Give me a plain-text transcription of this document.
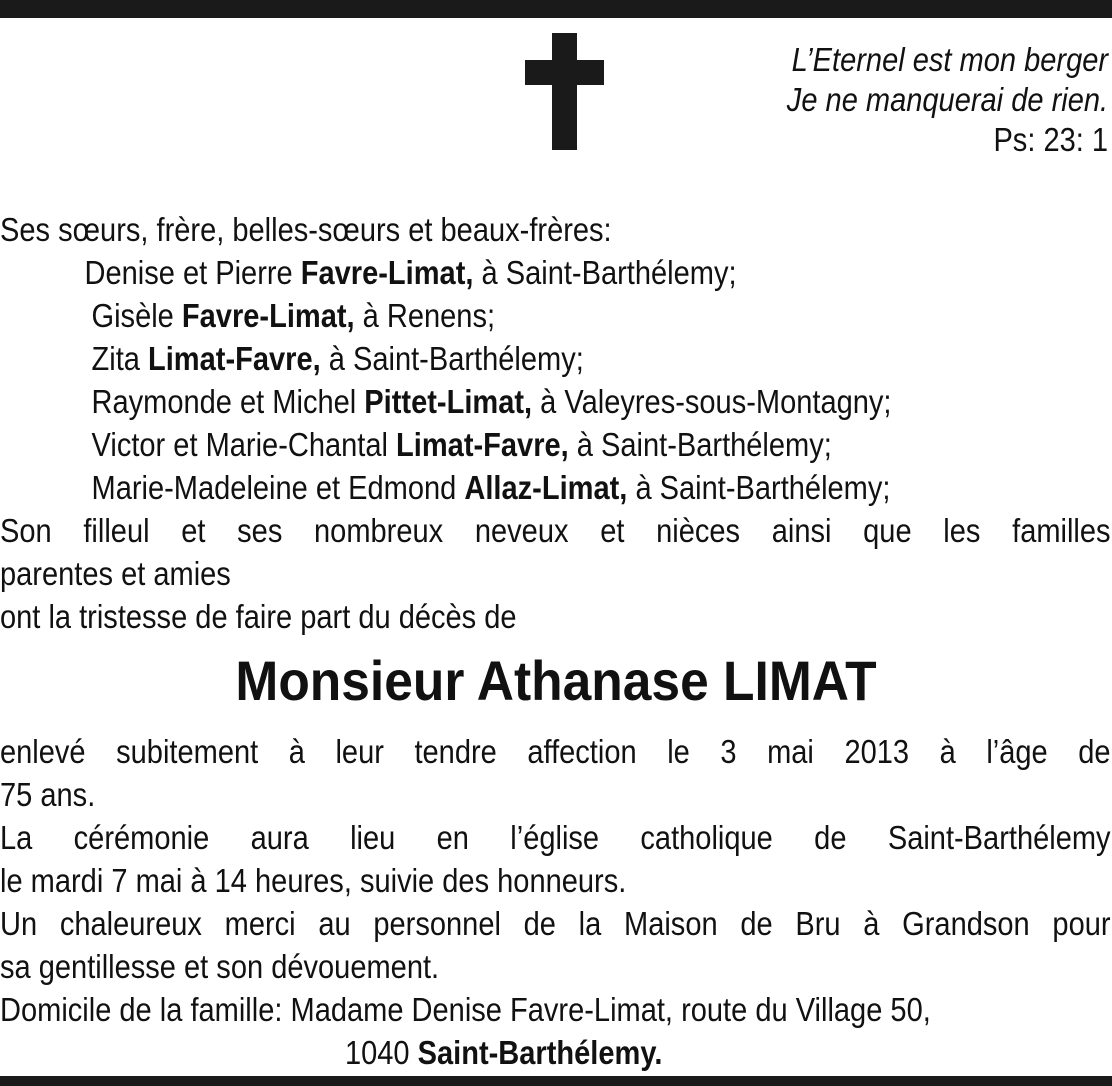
L’Eternel est mon berger
Je ne manquerai de rien.
Ps: 23: 1
Ses sœurs, frère, belles-sœurs et beaux-frères:
Denise et Pierre Favre-Limat, à Saint-Barthélemy;
Gisèle Favre-Limat, à Renens;
Zita Limat-Favre, à Saint-Barthélemy;
Raymonde et Michel Pittet-Limat, à Valeyres-sous-Montagny;
Victor et Marie-Chantal Limat-Favre, à Saint-Barthélemy;
Marie-Madeleine et Edmond Allaz-Limat, à Saint-Barthélemy;
Son filleul et ses nombreux neveux et nièces ainsi que les familles
parentes et amies
ont la tristesse de faire part du décès de
Monsieur Athanase LIMAT
enlevé subitement à leur tendre affection le 3 mai 2013 à l’âge de
75 ans.
La cérémonie aura lieu en l’église catholique de Saint-Barthélemy
le mardi 7 mai à 14 heures, suivie des honneurs.
Un chaleureux merci au personnel de la Maison de Bru à Grandson pour
sa gentillesse et son dévouement.
Domicile de la famille: Madame Denise Favre-Limat, route du Village 50,
1040 Saint-Barthélemy.
